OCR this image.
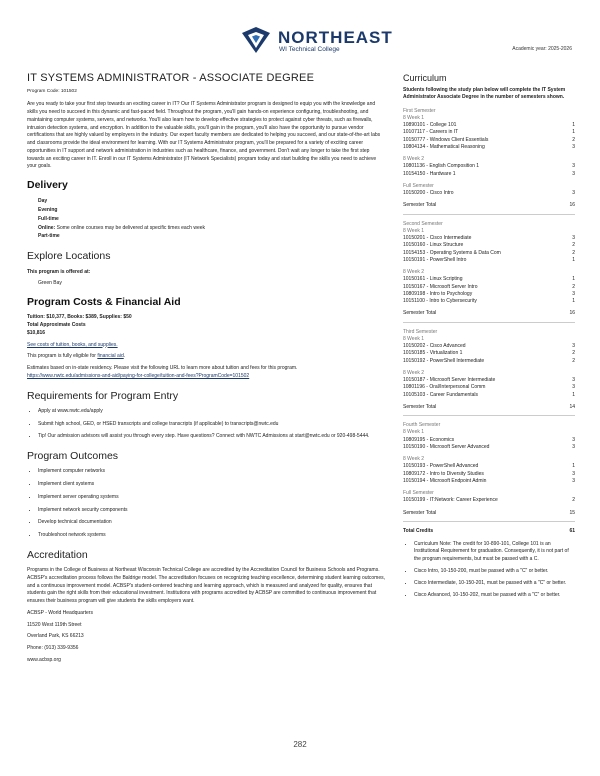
NORTHEAST
WI Technical College	Academic year: 2025-2026
IT SYSTEMS ADMINISTRATOR - ASSOCIATE DEGREE
Program Code: 101502

Are you ready to take your first step towards an exciting career in IT? Our IT Systems Administrator program is designed to equip you with the knowledge and skills you need to succeed in this dynamic and fast-paced field. Throughout the program, you'll gain hands-on experience configuring, troubleshooting, and maintaining computer systems, servers, and networks. You'll also learn how to develop effective strategies to protect against cyber threats, such as firewalls, intrusion detection systems, and encryption. In addition to the valuable skills, you'll gain in the program, you'll also have the opportunity to pursue vendor certifications that are highly valued by employers in the industry. Our expert faculty members are dedicated to helping you succeed, and our state-of-the-art labs and classrooms provide the ideal environment for learning. With our IT Systems Administrator program, you'll be prepared for a variety of exciting career opportunities in IT support and network administration in industries such as healthcare, finance, and government. Don't wait any longer to take the first step towards an exciting career in IT. Enroll in our IT Systems Administrator (IT Network Specialists) program today and start building the skills you need to achieve your goals.

Delivery
Day
Evening
Full-time
Online: Some online courses may be delivered at specific times each week
Part-time
Explore Locations

This program is offered at:

Green Bay

Program Costs & Financial Aid
Tuition: $10,377, Books: $389, Supplies: $50
Total Approximate Costs

$10,816

See costs of tuition, books, and supplies.

This program is fully eligible for financial aid.

Estimates based on in-state residency. Please visit the following URL to learn more about tuition and fees for this program.

https://www.nwtc.edu/admissions-and-aid/paying-for-college/tuition-and-fees?ProgramCode=101502

Requirements for Program Entry
• Apply at www.nwtc.edu/apply
• Submit high school, GED, or HSED transcripts and college transcripts (if applicable) to transcripts@nwtc.edu
• Tip! Our admission advisors will assist you through every step. Have questions? Connect with NWTC Admissions at start@nwtc.edu or 920-498-5444.
Program Outcomes
• Implement computer networks
• Implement client systems
• Implement server operating systems
• Implement network security components
• Develop technical documentation
• Troubleshoot network systems
Accreditation

Programs in the College of Business at Northeast Wisconsin Technical College are accredited by the Accreditation Council for Business Schools and Programs. ACBSP's accreditation process follows the Baldrige model. The accreditation focuses on recognizing teaching excellence, determining student learning outcomes, and a continuous improvement model. ACBSP's student-centered teaching and learning approach, which is measured and analyzed for quality, ensures that students gain the right skills from their educational investment. Institutions with programs accredited by ACBSP are committed to continuous improvement that ensures their business program will give students the skills employers want.

ACBSP - World Headquarters

11520 West 119th Street

Overland Park, KS 66213

Phone: (913) 339-9356

www.acbsp.org

Curriculum
Students following the study plan below will complete the IT System Administrator Associate Degree in the number of semesters shown.
First Semester
8 Week 1
10890101 - College 101	1
10107117 - Careers in IT	1
10150777 - Windows Client Essentials	2
10804134 - Mathematical Reasoning	3
8 Week 2
10801136 - English Composition 1	3
10154150 - Hardware 1	3
Full Semester
10150200 - Cisco Intro	3
Semester Total	16
Second Semester
8 Week 1
10150201 - Cisco Intermediate	3
10150160 - Linux Structure	2
10154153 - Operating Systems & Data Com	2
10150191 - PowerShell Intro	1
8 Week 2
10150161 - Linux Scripting	1
10150167 - Microsoft Server Intro	2
10809198 - Intro to Psychology	3
10151100 - Intro to Cybersecurity	1
Semester Total	16
Third Semester
8 Week 1
10150202 - Cisco Advanced	3
10150185 - Virtualization 1	2
10150192 - PowerShell Intermediate	2
8 Week 2
10150187 - Microsoft Server Intermediate	3
10801196 - Oral/Interpersonal Comm	3
10105103 - Career Fundamentals	1
Semester Total	14
Fourth Semester
8 Week 1
10809195 - Economics	3
10150190 - Microsoft Server Advanced	3
8 Week 2
10150193 - PowerShell Advanced	1
10809172 - Intro to Diversity Studies	3
10150194 - Microsoft Endpoint Admin	3
Full Semester
10150199 - IT:Network: Career Experience	2
Semester Total	15
Total Credits	61
• Curriculum Note: The credit for 10-890-101, College 101 is an Institutional Requirement for graduation. Consequently, it is not part of the program requirements, but must be passed with a C.
• Cisco Intro, 10-150-200, must be passed with a "C" or better.
• Cisco Intermediate, 10-150-201, must be passed with a "C" or better.
• Cisco Advanced, 10-150-202, must be passed with a "C" or better.
282
